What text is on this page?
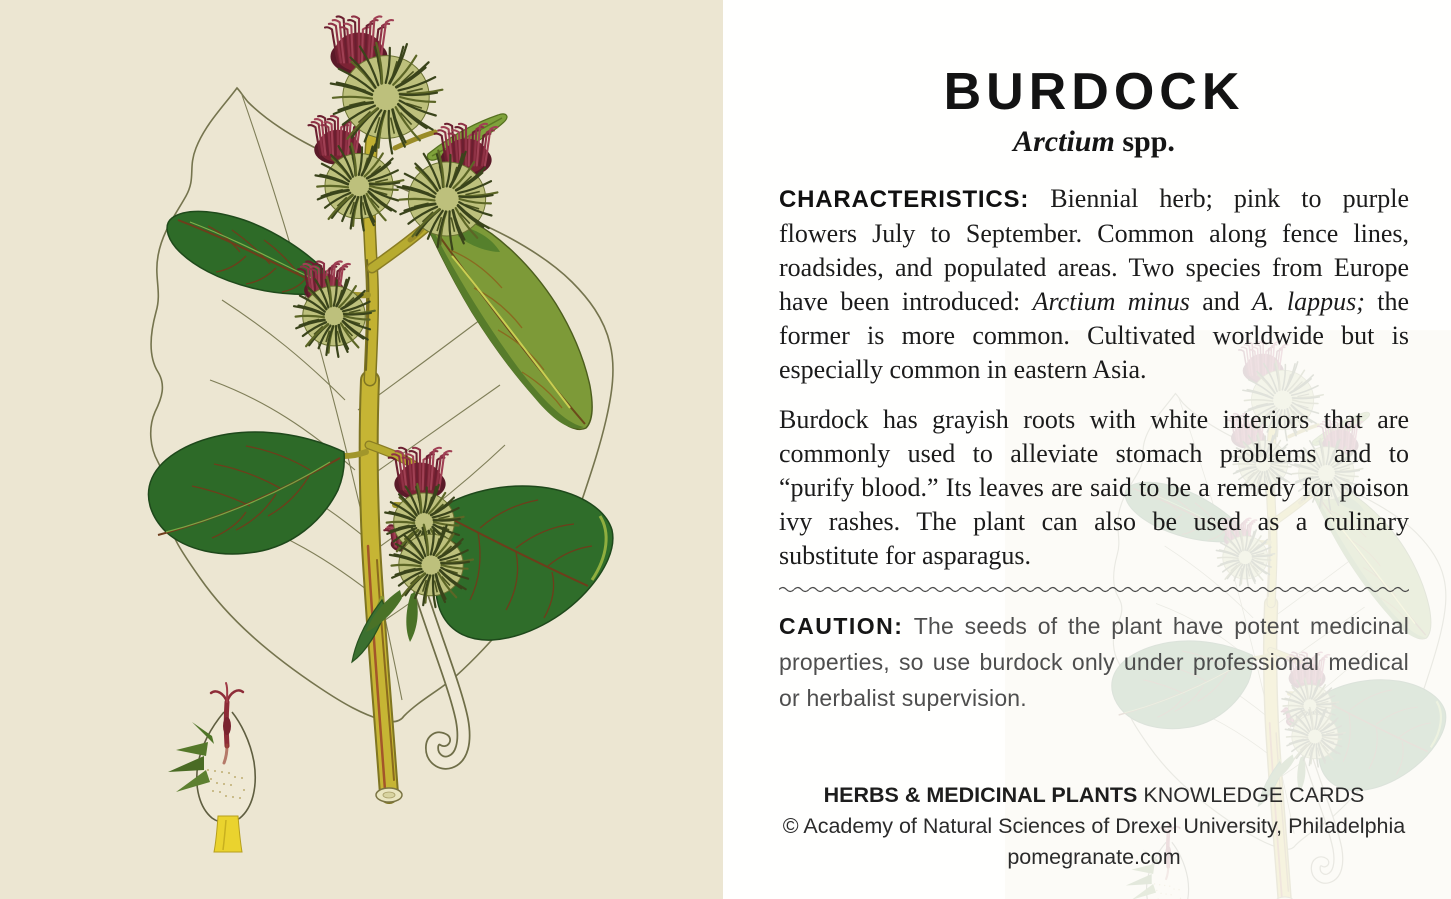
BURDOCK
Arctium spp.

CHARACTERISTICS: Biennial herb; pink to purple flowers July to September. Common along fence lines, roadsides, and populated areas. Two species from Europe have been introduced: Arctium minus and A. lappus; the former is more common. Cultivated worldwide but is especially common in eastern Asia.

Burdock has grayish roots with white interiors that are commonly used to alleviate stomach problems and to “purify blood.” Its leaves are said to be a remedy for poison ivy rashes. The plant can also be used as a culinary substitute for asparagus.

CAUTION: The seeds of the plant have potent medicinal properties, so use burdock only under professional medical or herbalist supervision.

HERBS & MEDICINAL PLANTS KNOWLEDGE CARDS
© Academy of Natural Sciences of Drexel University, Philadelphia
pomegranate.com
